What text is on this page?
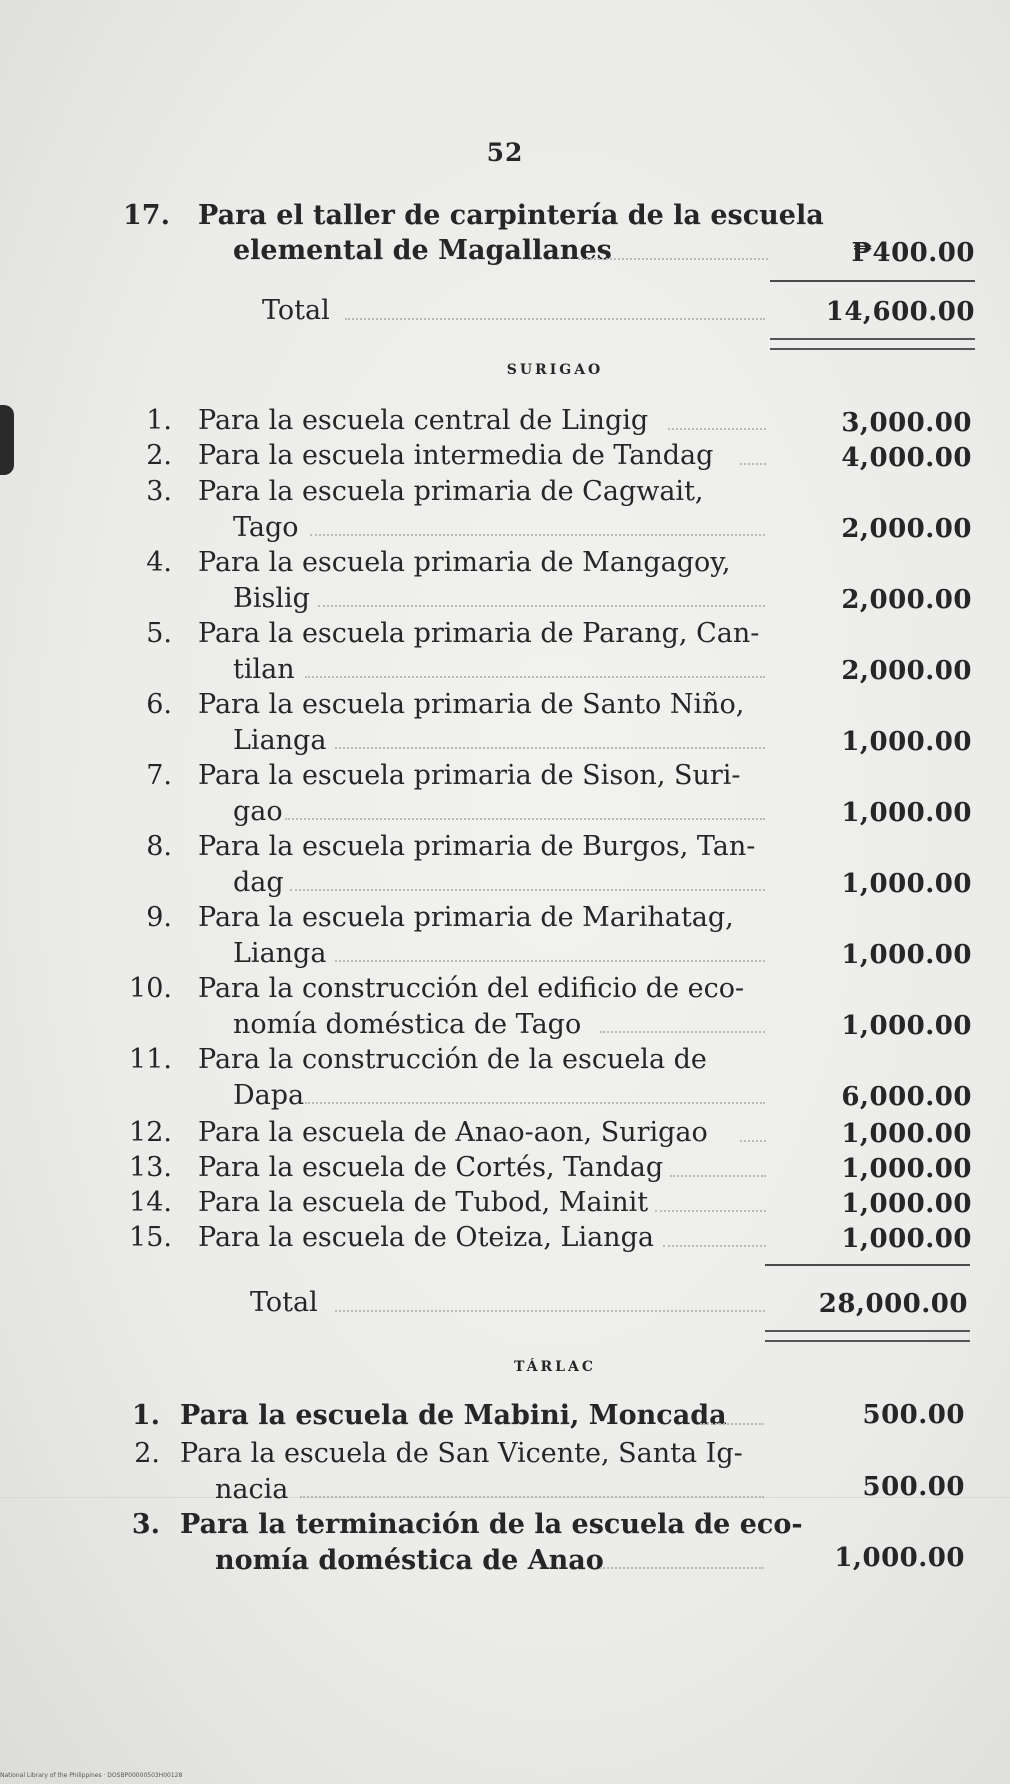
52
17. Para el taller de carpintería de la escuela
elemental de Magallanes	₱400.00
Total	14,600.00
SURIGAO
1. Para la escuela central de Lingig	3,000.00
2. Para la escuela intermedia de Tandag	4,000.00
3. Para la escuela primaria de Cagwait,
Tago	2,000.00
4. Para la escuela primaria de Mangagoy,
Bislig	2,000.00
5. Para la escuela primaria de Parang, Can-
tilan	2,000.00
6. Para la escuela primaria de Santo Niño,
Lianga	1,000.00
7. Para la escuela primaria de Sison, Suri-
gao	1,000.00
8. Para la escuela primaria de Burgos, Tan-
dag	1,000.00
9. Para la escuela primaria de Marihatag,
Lianga	1,000.00
10. Para la construcción del edificio de eco-
nomía doméstica de Tago	1,000.00
11. Para la construcción de la escuela de
Dapa	6,000.00
12. Para la escuela de Anao-aon, Surigao	1,000.00
13. Para la escuela de Cortés, Tandag	1,000.00
14. Para la escuela de Tubod, Mainit	1,000.00
15. Para la escuela de Oteiza, Lianga	1,000.00
Total	28,000.00
TÁRLAC
1. Para la escuela de Mabini, Moncada	500.00
2. Para la escuela de San Vicente, Santa Ig-
nacia	500.00
3. Para la terminación de la escuela de eco-
nomía doméstica de Anao	1,000.00
National Library of the Philippines · DOSBP00000503H00128
